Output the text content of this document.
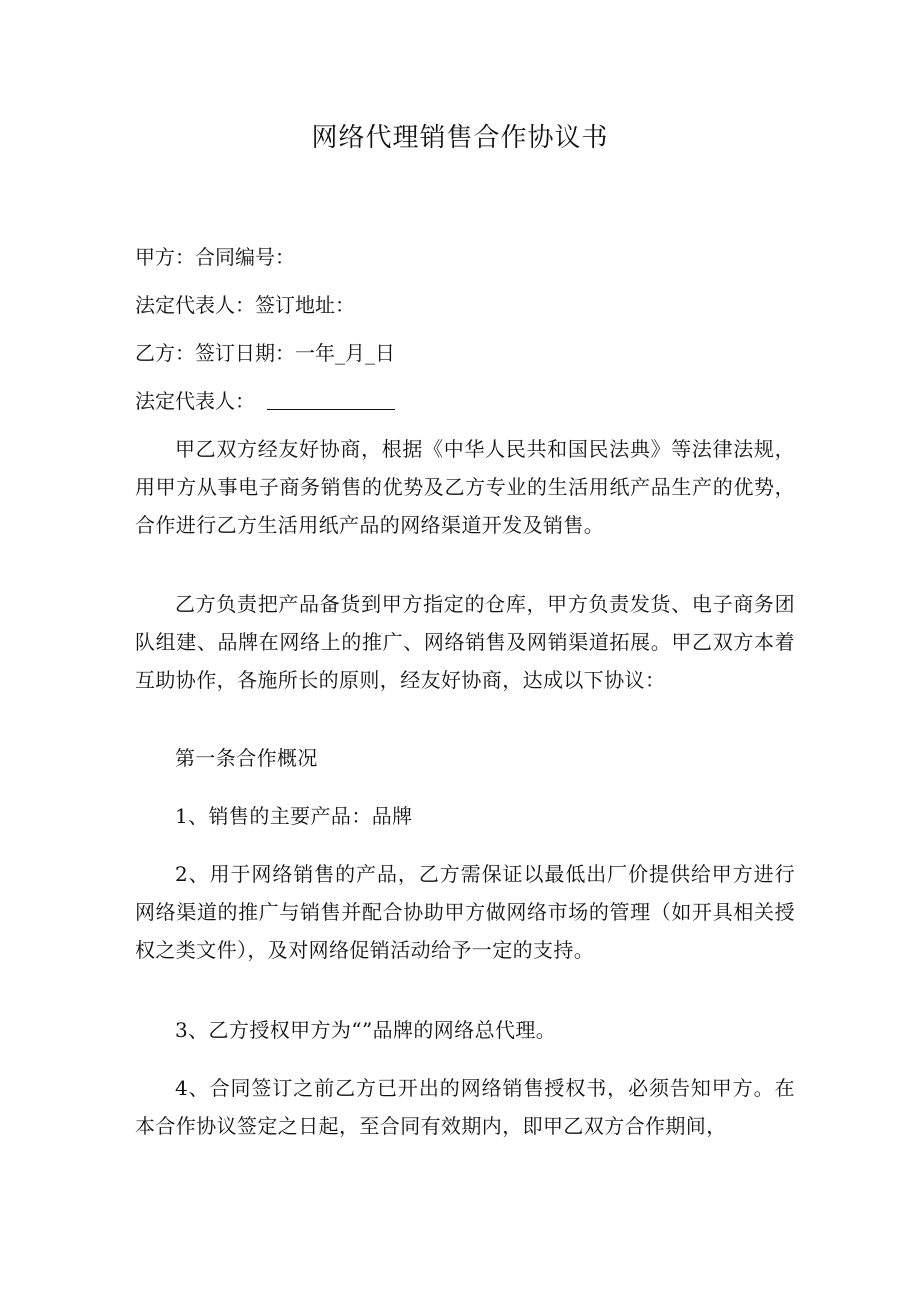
网络代理销售合作协议书
甲方：合同编号：
法定代表人：签订地址：
乙方：签订日期：一年_月_日
法定代表人：
甲乙双方经友好协商，根据《中华人民共和国民法典》等法律法规，用甲方从事电子商务销售的优势及乙方专业的生活用纸产品生产的优势，合作进行乙方生活用纸产品的网络渠道开发及销售。
乙方负责把产品备货到甲方指定的仓库，甲方负责发货、电子商务团队组建、品牌在网络上的推广、网络销售及网销渠道拓展。甲乙双方本着互助协作，各施所长的原则，经友好协商，达成以下协议：
第一条合作概况
1、销售的主要产品：品牌
2、用于网络销售的产品，乙方需保证以最低出厂价提供给甲方进行网络渠道的推广与销售并配合协助甲方做网络市场的管理（如开具相关授权之类文件），及对网络促销活动给予一定的支持。
3、乙方授权甲方为“”品牌的网络总代理。
4、合同签订之前乙方已开出的网络销售授权书，必须告知甲方。在本合作协议签定之日起，至合同有效期内，即甲乙双方合作期间，
